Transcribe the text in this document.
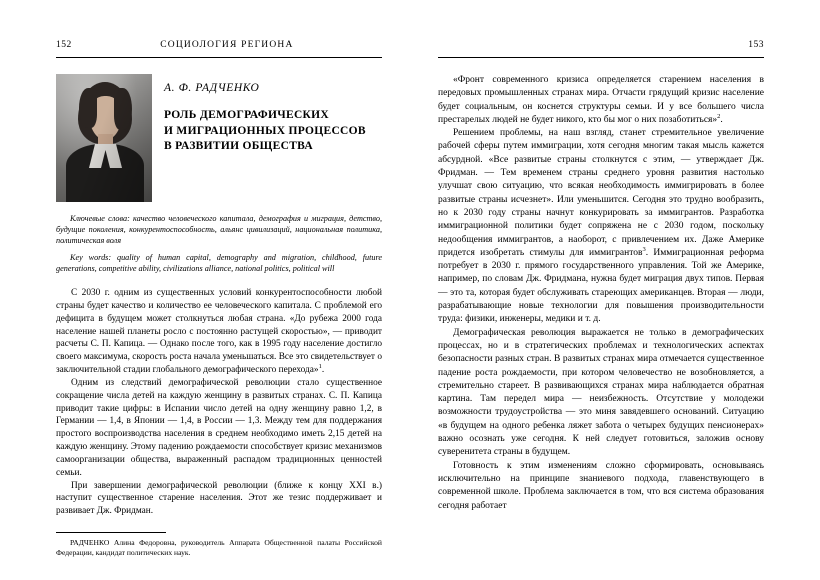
152	СОЦИОЛОГИЯ РЕГИОНА
А. Ф. РАДЧЕНКО
РОЛЬ ДЕМОГРАФИЧЕСКИХ
И МИГРАЦИОННЫХ ПРОЦЕССОВ
В РАЗВИТИИ ОБЩЕСТВА

Ключевые слова: качество человеческого капитала, демография и миграция, детство, будущие поколения, конкурентоспособность, альянс цивилизаций, национальная политика, политическая воля

Key words: quality of human capital, demography and migration, childhood, future generations, competitive ability, civilizations alliance, national politics, political will

С 2030 г. одним из существенных условий конкурентоспособности любой страны будет качество и количество ее человеческого капитала. С проблемой его дефицита в будущем может столкнуться любая страна. «До рубежа 2000 года население нашей планеты росло с постоянно растущей скоростью», — приводит расчеты С. П. Капица. — Однако после того, как в 1995 году население достигло своего максимума, скорость роста начала уменьшаться. Все это свидетельствует о заключительной стадии глобального демографического перехода»$^1$.

Одним из следствий демографической революции стало существенное сокращение числа детей на каждую женщину в развитых странах. С. П. Капица приводит такие цифры: в Испании число детей на одну женщину равно 1,2, в Германии — 1,4, в Японии — 1,4, в России — 1,3. Между тем для поддержания простого воспроизводства населения в среднем необходимо иметь 2,15 детей на каждую женщину. Этому падению рождаемости способствует кризис механизмов самоорганизации общества, выраженный распадом традиционных ценностей семьи.

При завершении демографической революции (ближе к концу XXI в.) наступит существенное старение населения. Этот же тезис поддерживает и развивает Дж. Фридман.

РАДЧЕНКО Алина Федоровна, руководитель Аппарата Общественной палаты Российской Федерации, кандидат политических наук.

153

«Фронт современного кризиса определяется старением населения в передовых промышленных странах мира. Отчасти грядущий кризис население будет социальным, он коснется структуры семьи. И у все большего числа престарелых людей не будет никого, кто бы мог о них позаботиться»$^2$.

Решением проблемы, на наш взгляд, станет стремительное увеличение рабочей сферы путем иммиграции, хотя сегодня многим такая мысль кажется абсурдной. «Все развитые страны столкнутся с этим, — утверждает Дж. Фридман. — Тем временем страны среднего уровня развития настолько улучшат свою ситуацию, что всякая необходимость иммигрировать в более развитые страны исчезнет». Или уменьшится. Сегодня это трудно вообразить, но к 2030 году страны начнут конкурировать за иммигрантов. Разработка иммиграционной политики будет сопряжена не с 2030 годом, поскольку недообщения иммигрантов, а наоборот, с привлечением их. Даже Америке придется изобретать стимулы для иммигрантов$^3$. Иммиграционная реформа потребует в 2030 г. прямого государственного управления. Той же Америке, например, по словам Дж. Фридмана, нужна будет миграция двух типов. Первая — это та, которая будет обслуживать стареющих американцев. Вторая — люди, разрабатывающие новые технологии для повышения производительности труда: физики, инженеры, медики и т. д.

Демографическая революция выражается не только в демографических процессах, но и в стратегических проблемах и технологических аспектах безопасности разных стран. В развитых странах мира отмечается существенное падение роста рождаемости, при котором человечество не возобновляется, а стремительно стареет. В развивающихся странах мира наблюдается обратная картина. Там передел мира — неизбежность. Отсутствие у молодежи возможности трудоустройства — это миня завядевшего оснований. Ситуацию «в будущем на одного ребенка ляжет забота о четырех будущих пенсионерах» важно осознать уже сегодня. К ней следует готовиться, заложив основу суверенитета страны в будущем.

Готовность к этим изменениям сложно сформировать, основываясь исключительно на принципе знаниевого подхода, главенствующего в современной школе. Проблема заключается в том, что вся система образования сегодня работает
